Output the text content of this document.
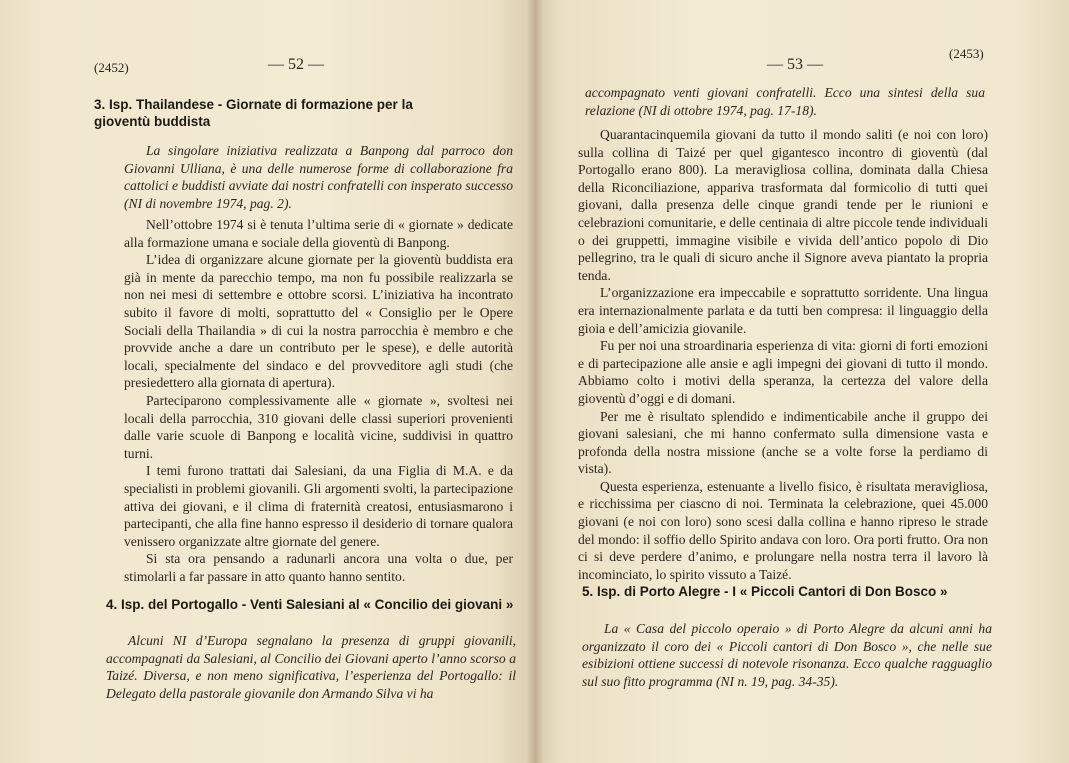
(2452)	— 52 —
3. Isp. Thailandese - Giornate di formazione per la gioventù buddista

La singolare iniziativa realizzata a Banpong dal parroco don Giovanni Ulliana, è una delle numerose forme di collaborazione fra cattolici e buddisti avviate dai nostri confratelli con insperato successo (NI di novembre 1974, pag. 2).

Nell’ottobre 1974 si è tenuta l’ultima serie di « giornate » dedicate alla formazione umana e sociale della gioventù di Banpong.

L’idea di organizzare alcune giornate per la gioventù buddista era già in mente da parecchio tempo, ma non fu possibile realizzarla se non nei mesi di settembre e ottobre scorsi. L’iniziativa ha incontrato subito il favore di molti, soprattutto del « Consiglio per le Opere Sociali della Thailandia » di cui la nostra parrocchia è membro e che provvide anche a dare un contributo per le spese), e delle autorità locali, specialmente del sindaco e del provveditore agli studi (che presiedettero alla giornata di apertura).

Parteciparono complessivamente alle « giornate », svoltesi nei locali della parrocchia, 310 giovani delle classi superiori provenienti dalle varie scuole di Banpong e località vicine, suddivisi in quattro turni.

I temi furono trattati dai Salesiani, da una Figlia di M.A. e da specialisti in problemi giovanili. Gli argomenti svolti, la partecipazione attiva dei giovani, e il clima di fraternità creatosi, entusiasmarono i partecipanti, che alla fine hanno espresso il desiderio di tornare qualora venissero organizzate altre giornate del genere.

Si sta ora pensando a radunarli ancora una volta o due, per stimolarli a far passare in atto quanto hanno sentito.

4. Isp. del Portogallo - Venti Salesiani al « Concilio dei giovani »

Alcuni NI d’Europa segnalano la presenza di gruppi giovanili, accompagnati da Salesiani, al Concilio dei Giovani aperto l’anno scorso a Taizé. Diversa, e non meno significativa, l’esperienza del Portogallo: il Delegato della pastorale giovanile don Armando Silva vi ha

— 53 —
(2453)

accompagnato venti giovani confratelli. Ecco una sintesi della sua relazione (NI di ottobre 1974, pag. 17-18).

Quarantacinquemila giovani da tutto il mondo saliti (e noi con loro) sulla collina di Taizé per quel gigantesco incontro di gioventù (dal Portogallo erano 800). La meravigliosa collina, dominata dalla Chiesa della Riconciliazione, appariva trasformata dal formicolio di tutti quei giovani, dalla presenza delle cinque grandi tende per le riunioni e celebrazioni comunitarie, e delle centinaia di altre piccole tende individuali o dei gruppetti, immagine visibile e vivida dell’antico popolo di Dio pellegrino, tra le quali di sicuro anche il Signore aveva piantato la propria tenda.

L’organizzazione era impeccabile e soprattutto sorridente. Una lingua era internazionalmente parlata e da tutti ben compresa: il linguaggio della gioia e dell’amicizia giovanile.

Fu per noi una stroardinaria esperienza di vita: giorni di forti emozioni e di partecipazione alle ansie e agli impegni dei giovani di tutto il mondo. Abbiamo colto i motivi della speranza, la certezza del valore della gioventù d’oggi e di domani.

Per me è risultato splendido e indimenticabile anche il gruppo dei giovani salesiani, che mi hanno confermato sulla dimensione vasta e profonda della nostra missione (anche se a volte forse la perdiamo di vista).

Questa esperienza, estenuante a livello fisico, è risultata meravigliosa, e ricchissima per ciascno di noi. Terminata la celebrazione, quei 45.000 giovani (e noi con loro) sono scesi dalla collina e hanno ripreso le strade del mondo: il soffio dello Spirito andava con loro. Ora porti frutto. Ora non ci si deve perdere d’animo, e prolungare nella nostra terra il lavoro là incominciato, lo spirito vissuto a Taizé.

5. Isp. di Porto Alegre - I « Piccoli Cantori di Don Bosco »

La « Casa del piccolo operaio » di Porto Alegre da alcuni anni ha organizzato il coro dei « Piccoli cantori di Don Bosco », che nelle sue esibizioni ottiene successi di notevole risonanza. Ecco qualche ragguaglio sul suo fitto programma (NI n. 19, pag. 34-35).
